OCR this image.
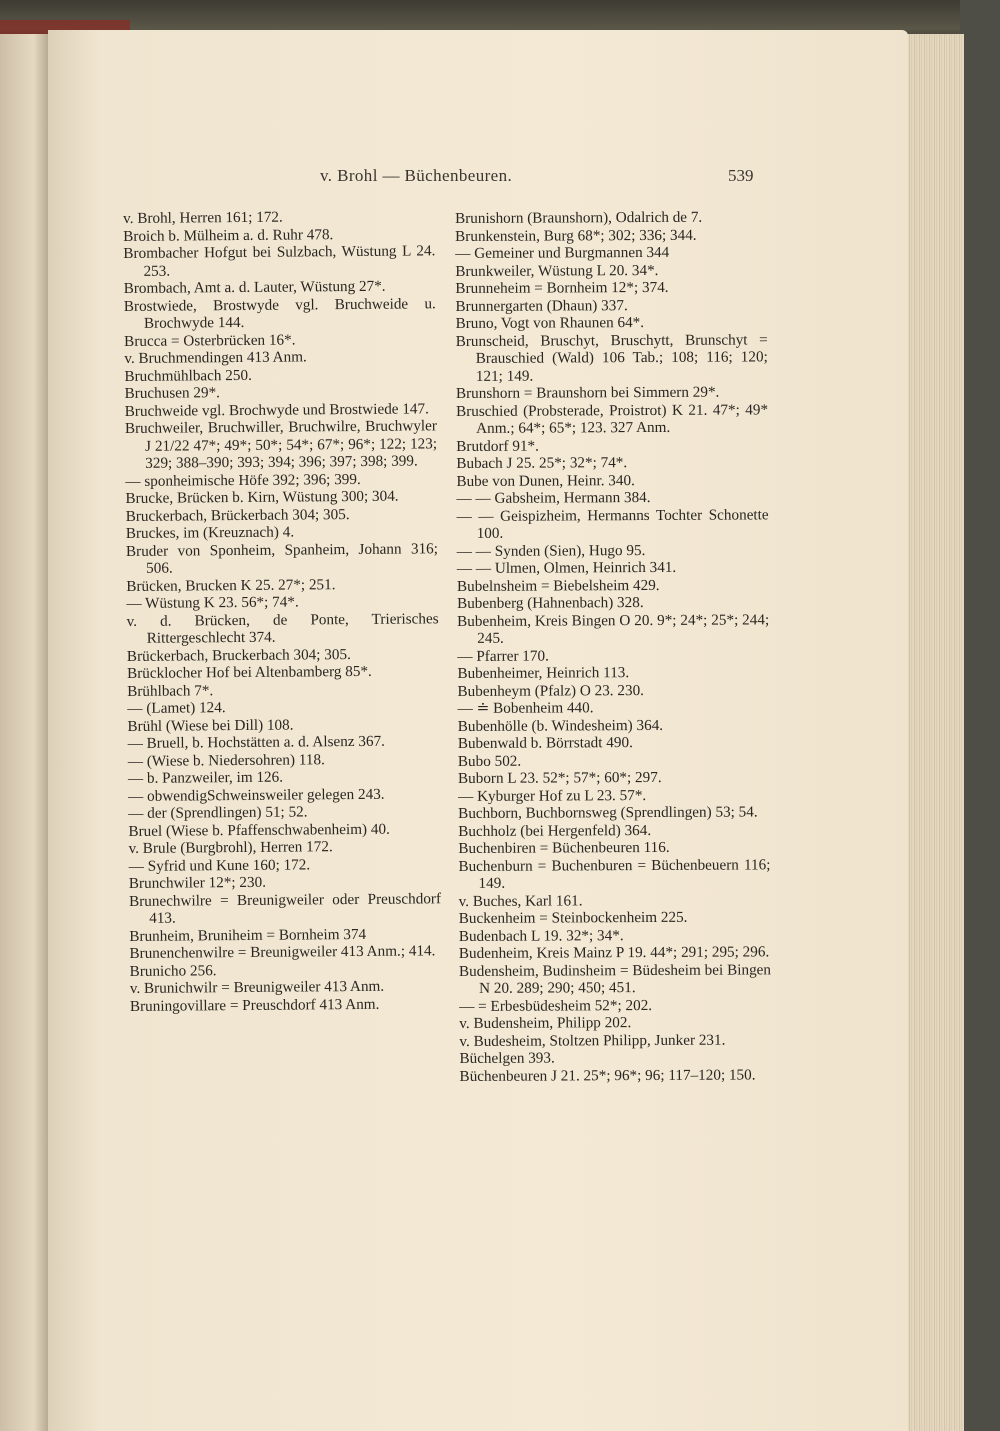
v. Brohl — Büchenbeuren.	539

v. Brohl, Herren 161; 172.

Broich b. Mülheim a. d. Ruhr 478.

Brombacher Hofgut bei Sulzbach, Wüstung L 24. 253.

Brombach, Amt a. d. Lauter, Wüstung 27*.

Brostwiede, Brostwyde vgl. Bruchweide u. Brochwyde 144.

Brucca = Osterbrücken 16*.

v. Bruchmendingen 413 Anm.

Bruchmühlbach 250.

Bruchusen 29*.

Bruchweide vgl. Brochwyde und Brostwiede 147.

Bruchweiler, Bruchwiller, Bruchwilre, Bruchwyler J 21/22 47*; 49*; 50*; 54*; 67*; 96*; 122; 123; 329; 388–390; 393; 394; 396; 397; 398; 399.

— sponheimische Höfe 392; 396; 399.

Brucke, Brücken b. Kirn, Wüstung 300; 304.

Bruckerbach, Brückerbach 304; 305.

Bruckes, im (Kreuznach) 4.

Bruder von Sponheim, Spanheim, Johann 316; 506.

Brücken, Brucken K 25. 27*; 251.

— Wüstung K 23. 56*; 74*.

v. d. Brücken, de Ponte, Trierisches Rittergeschlecht 374.

Brückerbach, Bruckerbach 304; 305.

Brücklocher Hof bei Altenbamberg 85*.

Brühlbach 7*.

— (Lamet) 124.

Brühl (Wiese bei Dill) 108.

— Bruell, b. Hochstätten a. d. Alsenz 367.

— (Wiese b. Niedersohren) 118.

— b. Panzweiler, im 126.

— obwendigSchweinsweiler gelegen 243.

— der (Sprendlingen) 51; 52.

Bruel (Wiese b. Pfaffenschwabenheim) 40.

v. Brule (Burgbrohl), Herren 172.

— Syfrid und Kune 160; 172.

Brunchwiler 12*; 230.

Brunechwilre = Breunigweiler oder Preuschdorf 413.

Brunheim, Bruniheim = Bornheim 374

Brunenchenwilre = Breunigweiler 413 Anm.; 414.

Brunicho 256.

v. Brunichwilr = Breunigweiler 413 Anm.

Bruningovillare = Preuschdorf 413 Anm.

Brunishorn (Braunshorn), Odalrich de 7.

Brunkenstein, Burg 68*; 302; 336; 344.

— Gemeiner und Burgmannen 344

Brunkweiler, Wüstung L 20. 34*.

Brunneheim = Bornheim 12*; 374.

Brunnergarten (Dhaun) 337.

Bruno, Vogt von Rhaunen 64*.

Brunscheid, Bruschyt, Bruschytt, Brunschyt = Brauschied (Wald) 106 Tab.; 108; 116; 120; 121; 149.

Brunshorn = Braunshorn bei Simmern 29*.

Bruschied (Probsterade, Proistrot) K 21. 47*; 49* Anm.; 64*; 65*; 123. 327 Anm.

Brutdorf 91*.

Bubach J 25. 25*; 32*; 74*.

Bube von Dunen, Heinr. 340.

— — Gabsheim, Hermann 384.

— — Geispizheim, Hermanns Tochter Schonette 100.

— — Synden (Sien), Hugo 95.

— — Ulmen, Olmen, Heinrich 341.

Bubelnsheim = Biebelsheim 429.

Bubenberg (Hahnenbach) 328.

Bubenheim, Kreis Bingen O 20. 9*; 24*; 25*; 244; 245.

— Pfarrer 170.

Bubenheimer, Heinrich 113.

Bubenheym (Pfalz) O 23. 230.

— ≐ Bobenheim 440.

Bubenhölle (b. Windesheim) 364.

Bubenwald b. Börrstadt 490.

Bubo 502.

Buborn L 23. 52*; 57*; 60*; 297.

— Kyburger Hof zu L 23. 57*.

Buchborn, Buchbornsweg (Sprendlingen) 53; 54.

Buchholz (bei Hergenfeld) 364.

Buchenbiren = Büchenbeuren 116.

Buchenburn = Buchenburen = Büchenbeuern 116; 149.

v. Buches, Karl 161.

Buckenheim = Steinbockenheim 225.

Budenbach L 19. 32*; 34*.

Budenheim, Kreis Mainz P 19. 44*; 291; 295; 296.

Budensheim, Budinsheim = Büdesheim bei Bingen N 20. 289; 290; 450; 451.

— = Erbesbüdesheim 52*; 202.

v. Budensheim, Philipp 202.

v. Budesheim, Stoltzen Philipp, Junker 231.

Büchelgen 393.

Büchenbeuren J 21. 25*; 96*; 96; 117–120; 150.
